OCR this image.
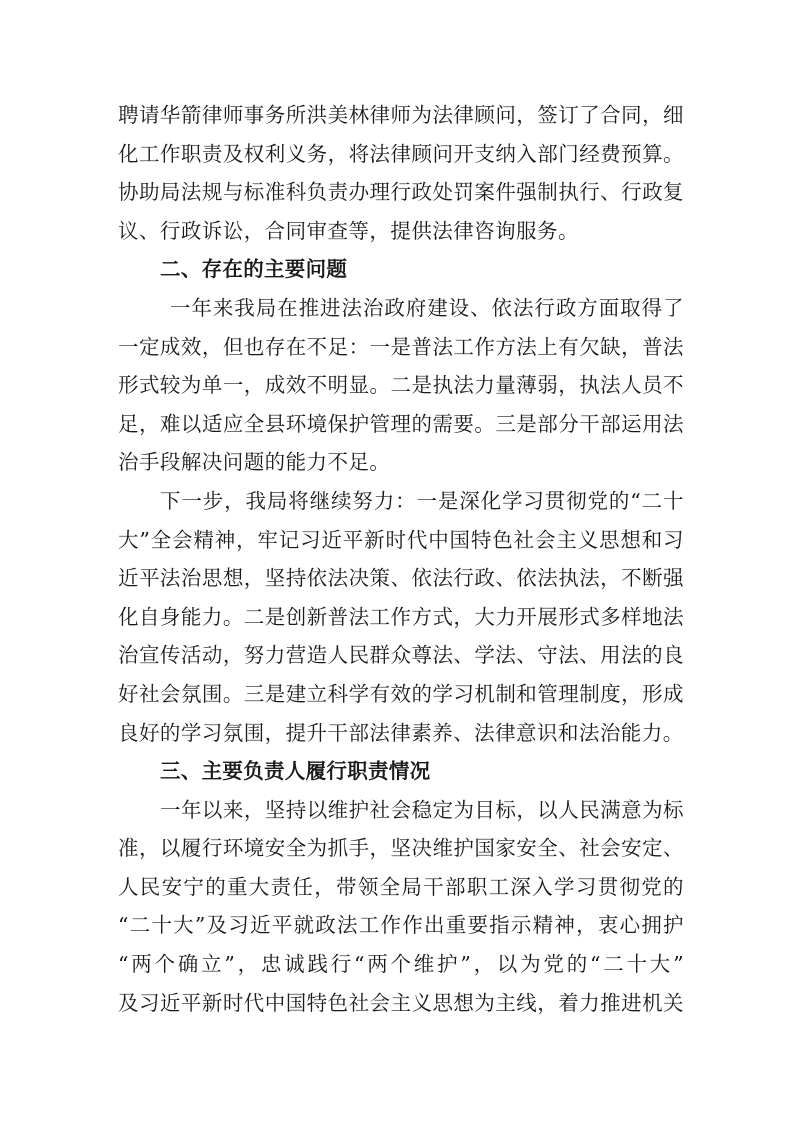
聘请华箭律师事务所洪美林律师为法律顾问，签订了合同，细
化工作职责及权利义务，将法律顾问开支纳入部门经费预算。
协助局法规与标准科负责办理行政处罚案件强制执行、行政复
议、行政诉讼，合同审查等，提供法律咨询服务。
二、存在的主要问题
一年来我局在推进法治政府建设、依法行政方面取得了
一定成效，但也存在不足：一是普法工作方法上有欠缺，普法
形式较为单一，成效不明显。二是执法力量薄弱，执法人员不
足，难以适应全县环境保护管理的需要。三是部分干部运用法
治手段解决问题的能力不足。
下一步，我局将继续努力：一是深化学习贯彻党的“二十
大”全会精神，牢记习近平新时代中国特色社会主义思想和习
近平法治思想，坚持依法决策、依法行政、依法执法，不断强
化自身能力。二是创新普法工作方式，大力开展形式多样地法
治宣传活动，努力营造人民群众尊法、学法、守法、用法的良
好社会氛围。三是建立科学有效的学习机制和管理制度，形成
良好的学习氛围，提升干部法律素养、法律意识和法治能力。
三、主要负责人履行职责情况
一年以来，坚持以维护社会稳定为目标，以人民满意为标
准，以履行环境安全为抓手，坚决维护国家安全、社会安定、
人民安宁的重大责任，带领全局干部职工深入学习贯彻党的
“二十大”及习近平就政法工作作出重要指示精神，衷心拥护
“两个确立”，忠诚践行“两个维护”，以为党的“二十大”
及习近平新时代中国特色社会主义思想为主线，着力推进机关
